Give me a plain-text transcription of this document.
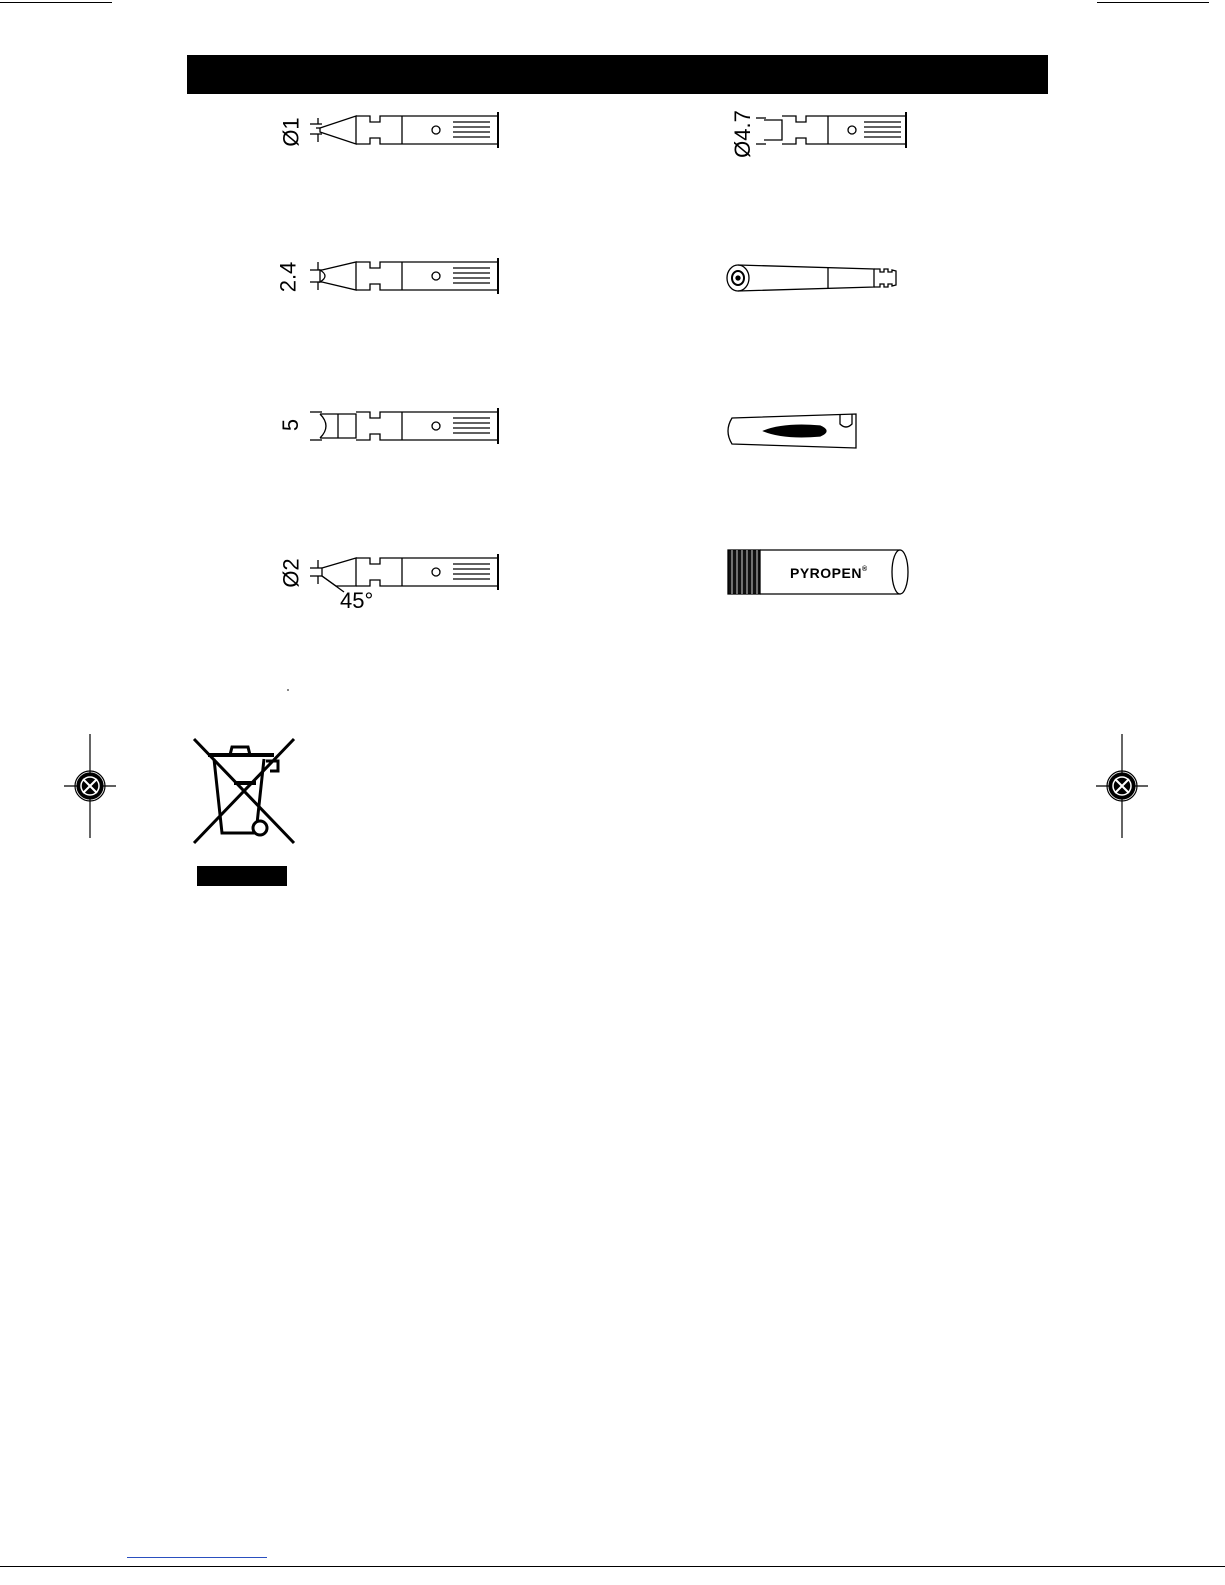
Ø1
2.4
5
Ø2
45°
Ø4.7
PYROPEN®
